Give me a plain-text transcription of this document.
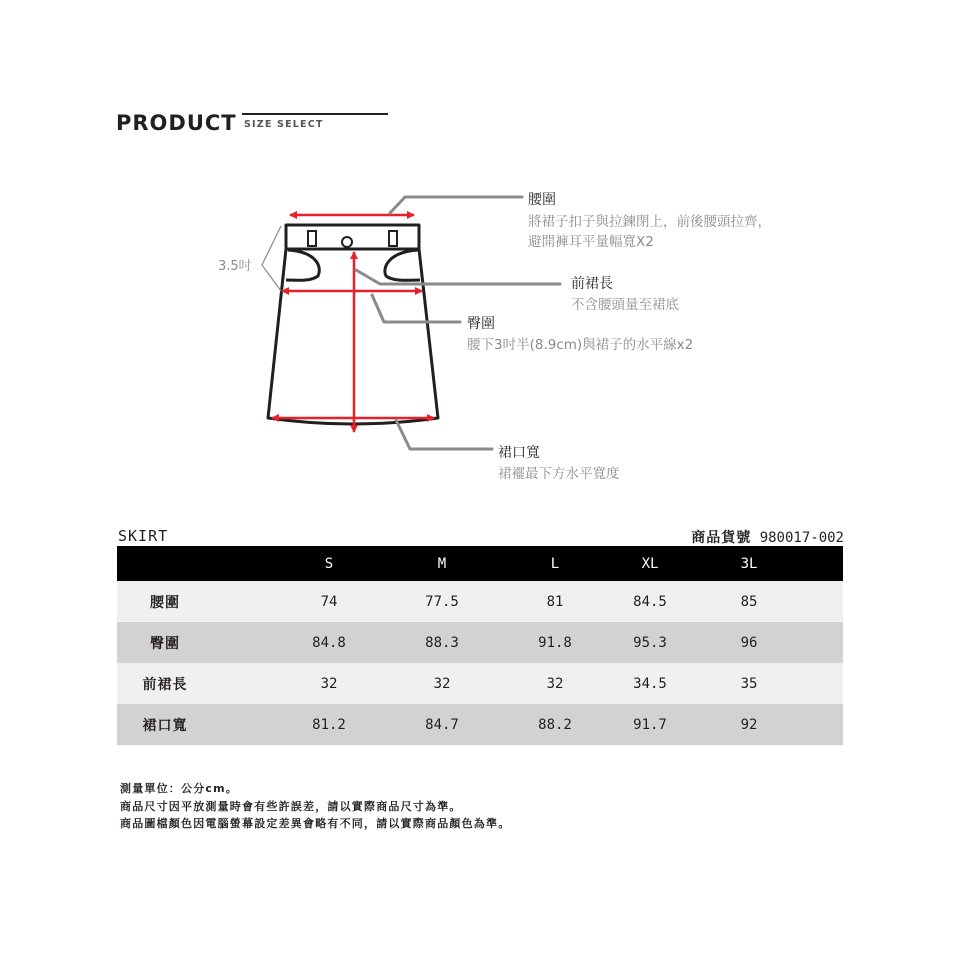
PRODUCT SIZE SELECT
腰圍
將裙子扣子與拉鍊閉上，前後腰頭拉齊，
避開褲耳平量幅寬X2
前裙長
不含腰頭量至裙底
臀圍
腰下3吋半(8.9cm)與裙子的水平線x2
裙口寬
裙襬最下方水平寬度
3.5吋
SKIRT	商品貨號 980017-002
S	M	L	XL	3L
腰圍	74	77.5	81	84.5	85
臀圍	84.8	88.3	91.8	95.3	96
前裙長	32	32	32	34.5	35
裙口寬	81.2	84.7	88.2	91.7	92
測量單位：公分cm。
商品尺寸因平放測量時會有些許誤差，請以實際商品尺寸為準。
商品圖檔顏色因電腦螢幕設定差異會略有不同，請以實際商品顏色為準。
